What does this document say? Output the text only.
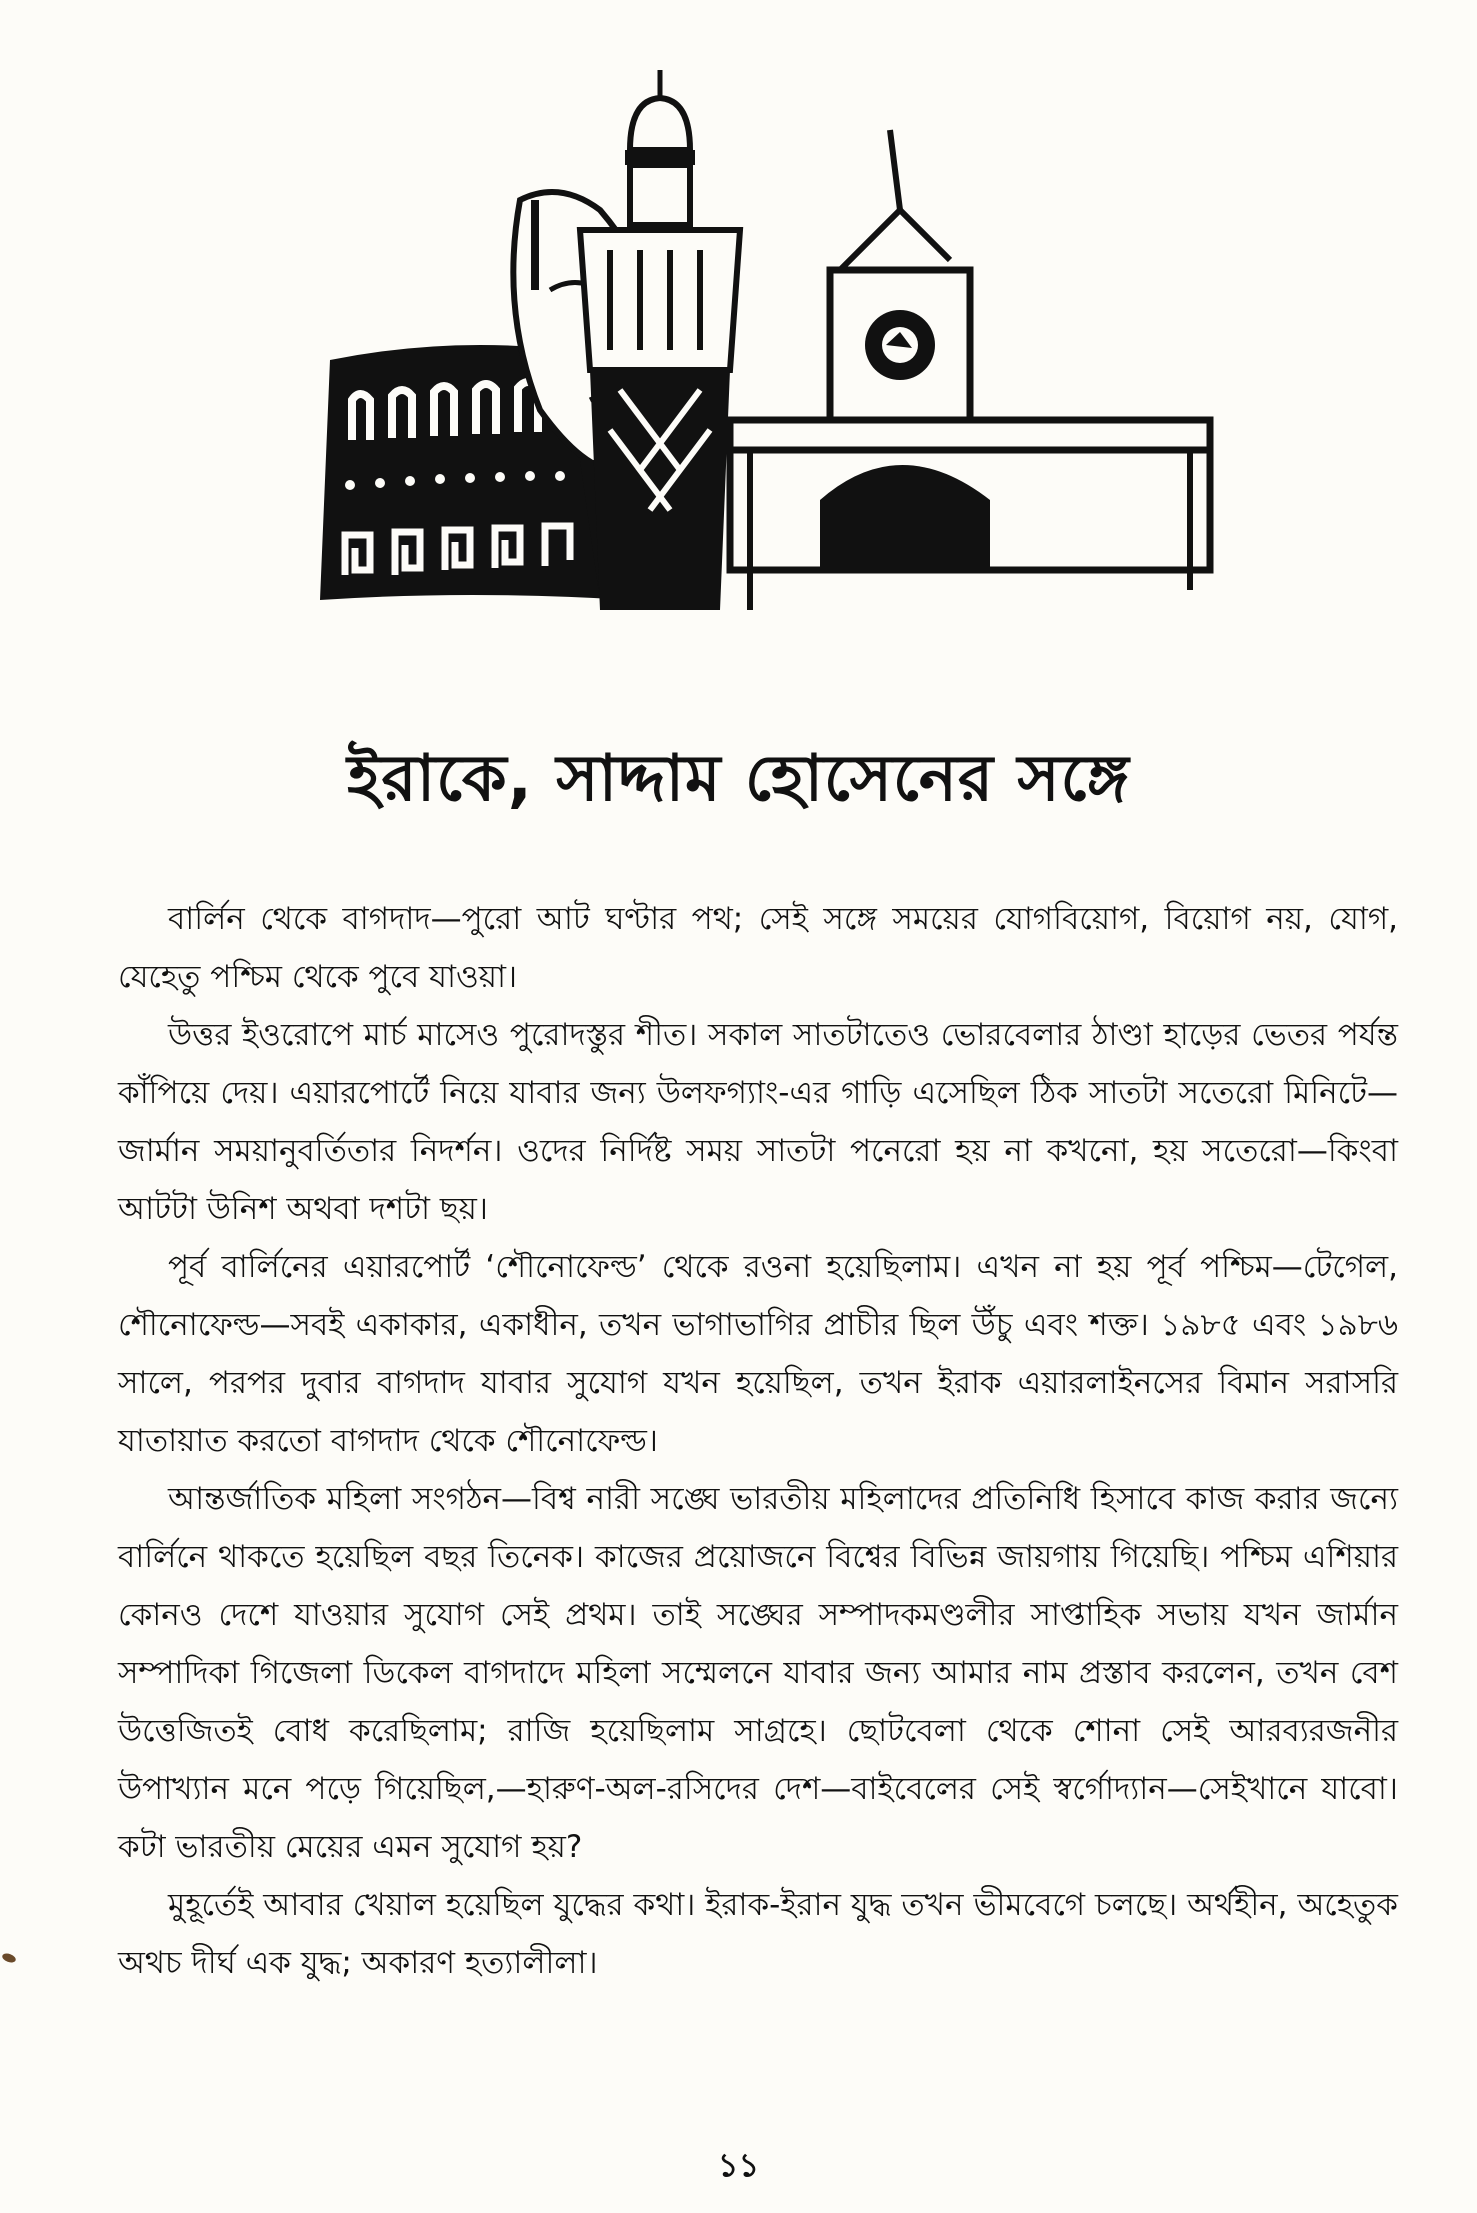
ইরাকে, সাদ্দাম হোসেনের সঙ্গে

বার্লিন থেকে বাগদাদ—পুরো আট ঘণ্টার পথ; সেই সঙ্গে সময়ের যোগবিয়োগ, বিয়োগ নয়, যোগ, যেহেতু পশ্চিম থেকে পুবে যাওয়া।

উত্তর ইওরোপে মার্চ মাসেও পুরোদস্তুর শীত। সকাল সাতটাতেও ভোরবেলার ঠাণ্ডা হাড়ের ভেতর পর্যন্ত কাঁপিয়ে দেয়। এয়ারপোর্টে নিয়ে যাবার জন্য উলফগ্যাং-এর গাড়ি এসেছিল ঠিক সাতটা সতেরো মিনিটে—জার্মান সময়ানুবর্তিতার নিদর্শন। ওদের নির্দিষ্ট সময় সাতটা পনেরো হয় না কখনো, হয় সতেরো—কিংবা আটটা উনিশ অথবা দশটা ছয়।

পূর্ব বার্লিনের এয়ারপোর্ট ‘শৌনোফেল্ড’ থেকে রওনা হয়েছিলাম। এখন না হয় পূর্ব পশ্চিম—টেগেল, শৌনোফেল্ড—সবই একাকার, একাধীন, তখন ভাগাভাগির প্রাচীর ছিল উঁচু এবং শক্ত। ১৯৮৫ এবং ১৯৮৬ সালে, পরপর দুবার বাগদাদ যাবার সুযোগ যখন হয়েছিল, তখন ইরাক এয়ারলাইনসের বিমান সরাসরি যাতায়াত করতো বাগদাদ থেকে শৌনোফেল্ড।

আন্তর্জাতিক মহিলা সংগঠন—বিশ্ব নারী সঙ্ঘে ভারতীয় মহিলাদের প্রতিনিধি হিসাবে কাজ করার জন্যে বার্লিনে থাকতে হয়েছিল বছর তিনেক। কাজের প্রয়োজনে বিশ্বের বিভিন্ন জায়গায় গিয়েছি। পশ্চিম এশিয়ার কোনও দেশে যাওয়ার সুযোগ সেই প্রথম। তাই সঙ্ঘের সম্পাদকমণ্ডলীর সাপ্তাহিক সভায় যখন জার্মান সম্পাদিকা গিজেলা ডিকেল বাগদাদে মহিলা সম্মেলনে যাবার জন্য আমার নাম প্রস্তাব করলেন, তখন বেশ উত্তেজিতই বোধ করেছিলাম; রাজি হয়েছিলাম সাগ্রহে। ছোটবেলা থেকে শোনা সেই আরব্যরজনীর উপাখ্যান মনে পড়ে গিয়েছিল,—হারুণ-অল-রসিদের দেশ—বাইবেলের সেই স্বর্গোদ্যান—সেইখানে যাবো। কটা ভারতীয় মেয়ের এমন সুযোগ হয়?

মুহূর্তেই আবার খেয়াল হয়েছিল যুদ্ধের কথা। ইরাক-ইরান যুদ্ধ তখন ভীমবেগে চলছে। অর্থহীন, অহেতুক অথচ দীর্ঘ এক যুদ্ধ; অকারণ হত্যালীলা।

১১
